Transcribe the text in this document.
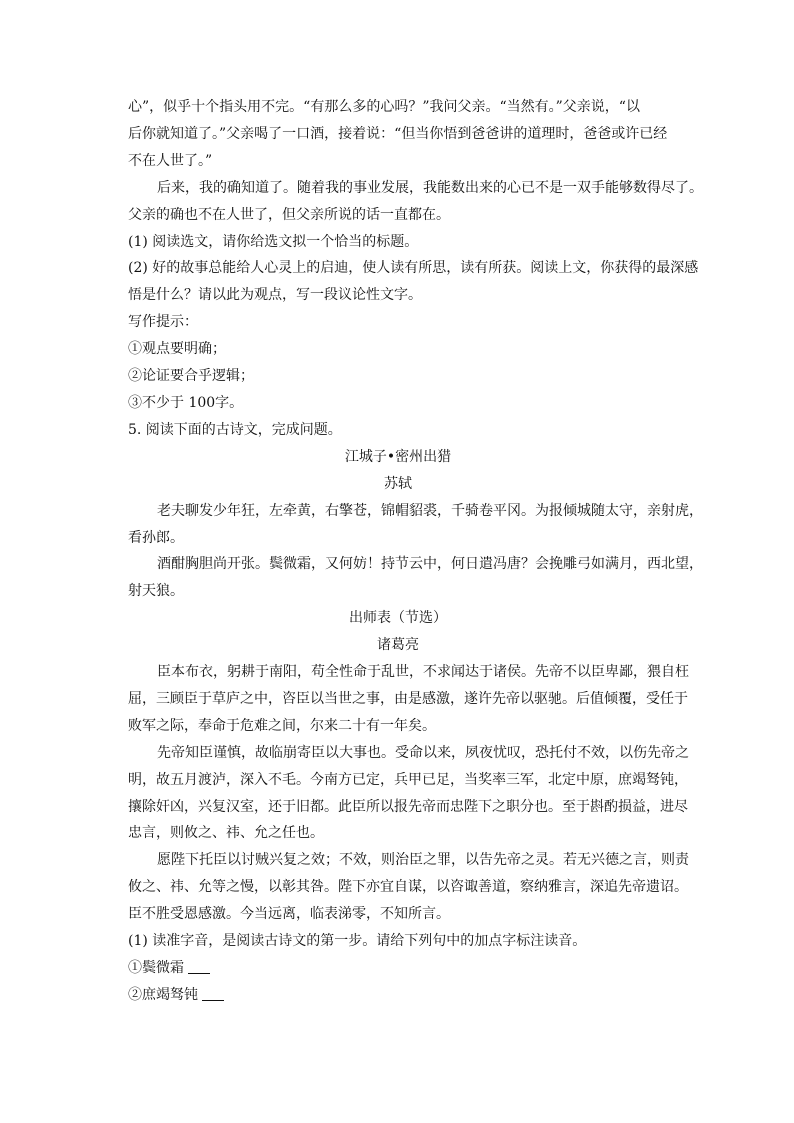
心”，似乎十个指头用不完。“有那么多的心吗？”我问父亲。“当然有。”父亲说，“以

后你就知道了。”父亲喝了一口酒，接着说：“但当你悟到爸爸讲的道理时，爸爸或许已经

不在人世了。”

后来，我的确知道了。随着我的事业发展，我能数出来的心已不是一双手能够数得尽了。

父亲的确也不在人世了，但父亲所说的话一直都在。

(1) 阅读选文，请你给选文拟一个恰当的标题。

(2) 好的故事总能给人心灵上的启迪，使人读有所思，读有所获。阅读上文，你获得的最深感

悟是什么？请以此为观点，写一段议论性文字。

写作提示：

①观点要明确；

②论证要合乎逻辑；

③不少于 100字。

5. 阅读下面的古诗文，完成问题。

江城子•密州出猎

苏轼

老夫聊发少年狂，左牵黄，右擎苍，锦帽貂裘，千骑卷平冈。为报倾城随太守，亲射虎，

看孙郎。

酒酣胸胆尚开张。鬓微霜，又何妨！持节云中，何日遣冯唐？会挽雕弓如满月，西北望，

射天狼。

出师表（节选）

诸葛亮

臣本布衣，躬耕于南阳，苟全性命于乱世，不求闻达于诸侯。先帝不以臣卑鄙，猥自枉

屈，三顾臣于草庐之中，咨臣以当世之事，由是感激，遂许先帝以驱驰。后值倾覆，受任于

败军之际，奉命于危难之间，尔来二十有一年矣。

先帝知臣谨慎，故临崩寄臣以大事也。受命以来，夙夜忧叹，恐托付不效，以伤先帝之

明，故五月渡泸，深入不毛。今南方已定，兵甲已足，当奖率三军，北定中原，庶竭驽钝，

攘除奸凶，兴复汉室，还于旧都。此臣所以报先帝而忠陛下之职分也。至于斟酌损益，进尽

忠言，则攸之、祎、允之任也。

愿陛下托臣以讨贼兴复之效；不效，则治臣之罪，以告先帝之灵。若无兴德之言，则责

攸之、祎、允等之慢，以彰其咎。陛下亦宜自谋，以咨诹善道，察纳雅言，深追先帝遗诏。

臣不胜受恩感激。今当远离，临表涕零，不知所言。

(1) 读准字音，是阅读古诗文的第一步。请给下列句中的加点字标注读音。

①鬓微霜

②庶竭驽钝
